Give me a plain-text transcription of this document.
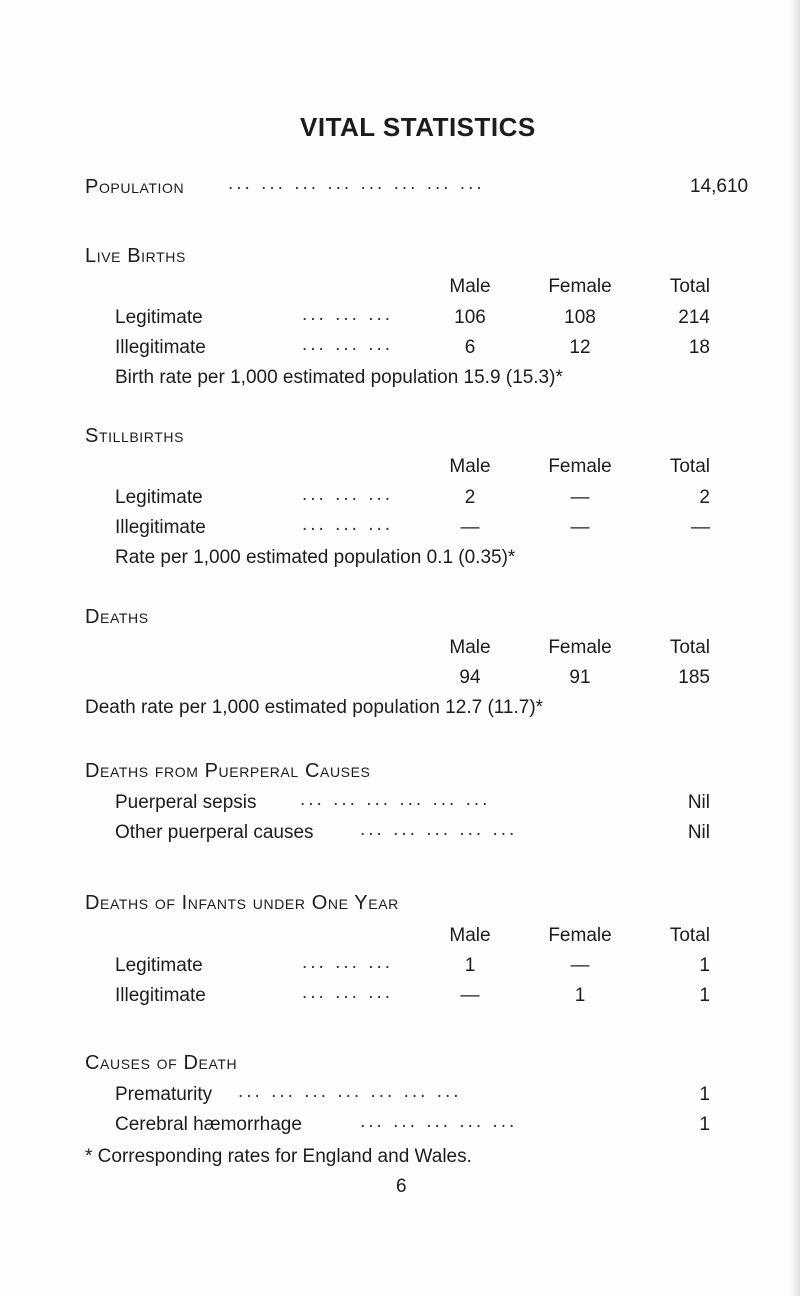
VITAL STATISTICS
Population ... ... ... ... ... ... ... ...	14,610
Live Births
Male	Female	Total
Legitimate	... ... ...	106	108	214
Illegitimate	... ... ...	6	12	18
Birth rate per 1,000 estimated population 15.9 (15.3)*
Stillbirths
Male	Female	Total
Legitimate	... ... ...	2	—	2
Illegitimate	... ... ...	—	—	—
Rate per 1,000 estimated population 0.1 (0.35)*
Deaths
Male	Female	Total
94	91	185
Death rate per 1,000 estimated population 12.7 (11.7)*
Deaths from Puerperal Causes
Puerperal sepsis ... ... ... ... ... ...	Nil
Other puerperal causes ... ... ... ... ...	Nil
Deaths of Infants under One Year
Male	Female	Total
Legitimate	... ... ...	1	—	1
Illegitimate	... ... ...	—	1	1
Causes of Death
Prematurity ... ... ... ... ... ... ...	1
Cerebral hæmorrhage	... ... ... ... ...	1
* Corresponding rates for England and Wales.
6
